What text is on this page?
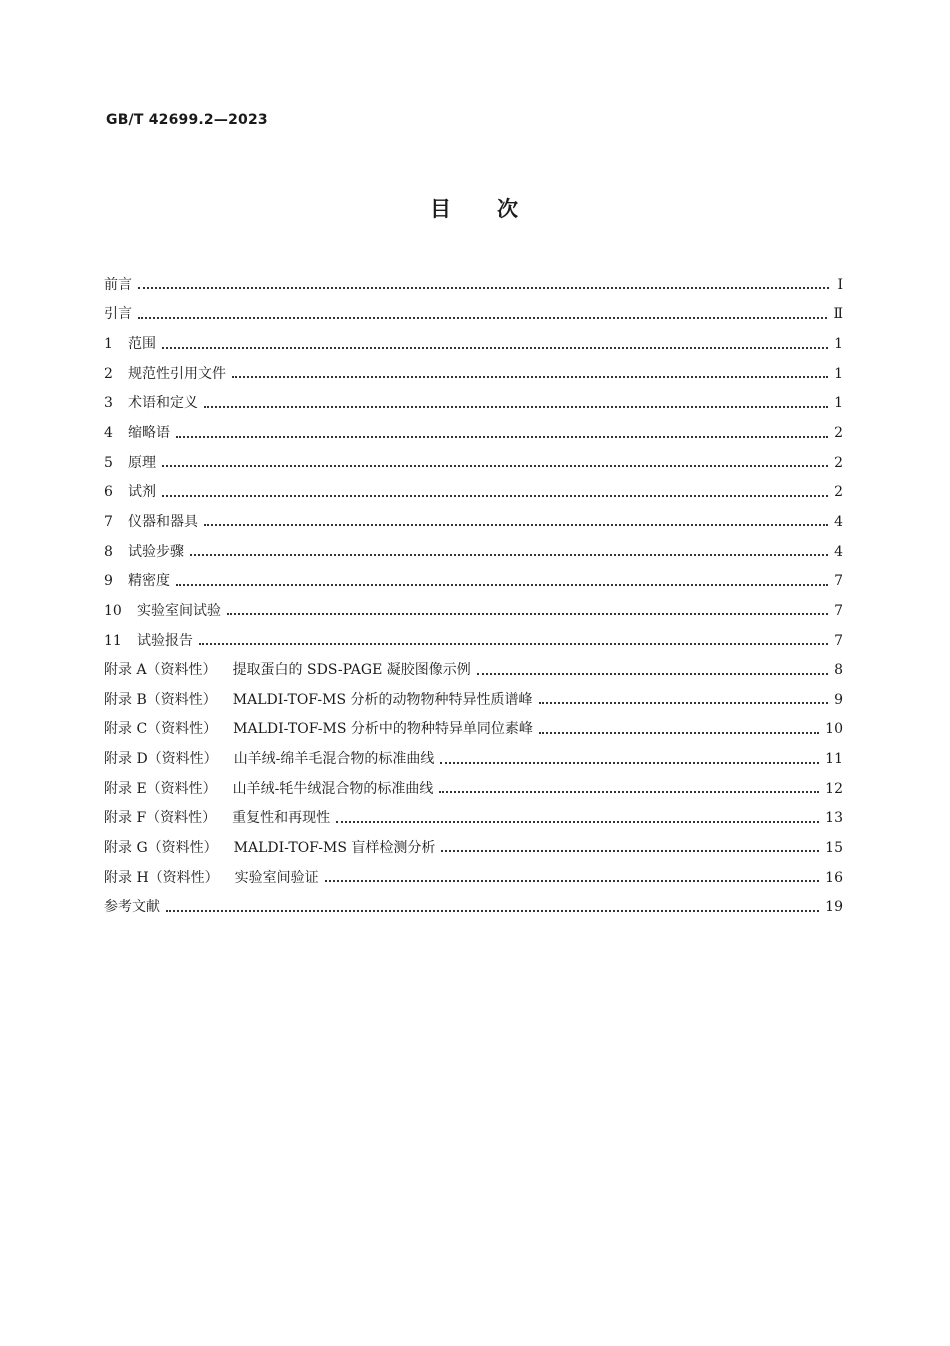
GB/T 42699.2—2023
目 次
前言	Ⅰ
引言	Ⅱ
1	范围	1
2	规范性引用文件	1
3	术语和定义	1
4	缩略语	2
5	原理	2
6	试剂	2
7	仪器和器具	4
8	试验步骤	4
9	精密度	7
10	实验室间试验	7
11	试验报告	7
附录 A（资料性） 提取蛋白的 SDS-PAGE 凝胶图像示例	8
附录 B（资料性） MALDI-TOF-MS 分析的动物物种特异性质谱峰	9
附录 C（资料性） MALDI-TOF-MS 分析中的物种特异单同位素峰	10
附录 D（资料性） 山羊绒-绵羊毛混合物的标准曲线	11
附录 E（资料性） 山羊绒-牦牛绒混合物的标准曲线	12
附录 F（资料性） 重复性和再现性	13
附录 G（资料性） MALDI-TOF-MS 盲样检测分析	15
附录 H（资料性） 实验室间验证	16
参考文献	19
